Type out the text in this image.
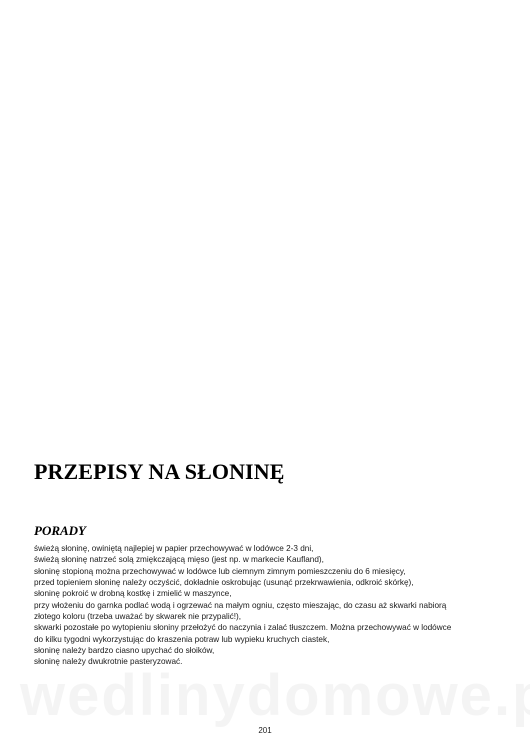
PRZEPISY NA SŁONINĘ
PORADY
świeżą słoninę, owiniętą najlepiej w papier przechowywać w lodówce 2-3 dni,
świeżą słoninę natrzeć solą zmiękczającą mięso (jest np. w markecie Kaufland),
słoninę stopioną można przechowywać w lodówce lub ciemnym zimnym pomieszczeniu do 6 miesięcy,
przed topieniem słoninę należy oczyścić, dokładnie oskrobując (usunąć przekrwawienia, odkroić skórkę),
słoninę pokroić w drobną kostkę i zmielić w maszynce,
przy włożeniu do garnka podlać wodą i ogrzewać na małym ogniu, często mieszając, do czasu aż skwarki nabiorą
złotego koloru (trzeba uważać by skwarek nie przypalić!),
skwarki pozostałe po wytopieniu słoniny przełożyć do naczynia i zalać tłuszczem. Można przechowywać w lodówce
do kilku tygodni wykorzystując do kraszenia potraw lub wypieku kruchych ciastek,
słoninę należy bardzo ciasno upychać do słoików,
słoninę należy dwukrotnie pasteryzować.
201
